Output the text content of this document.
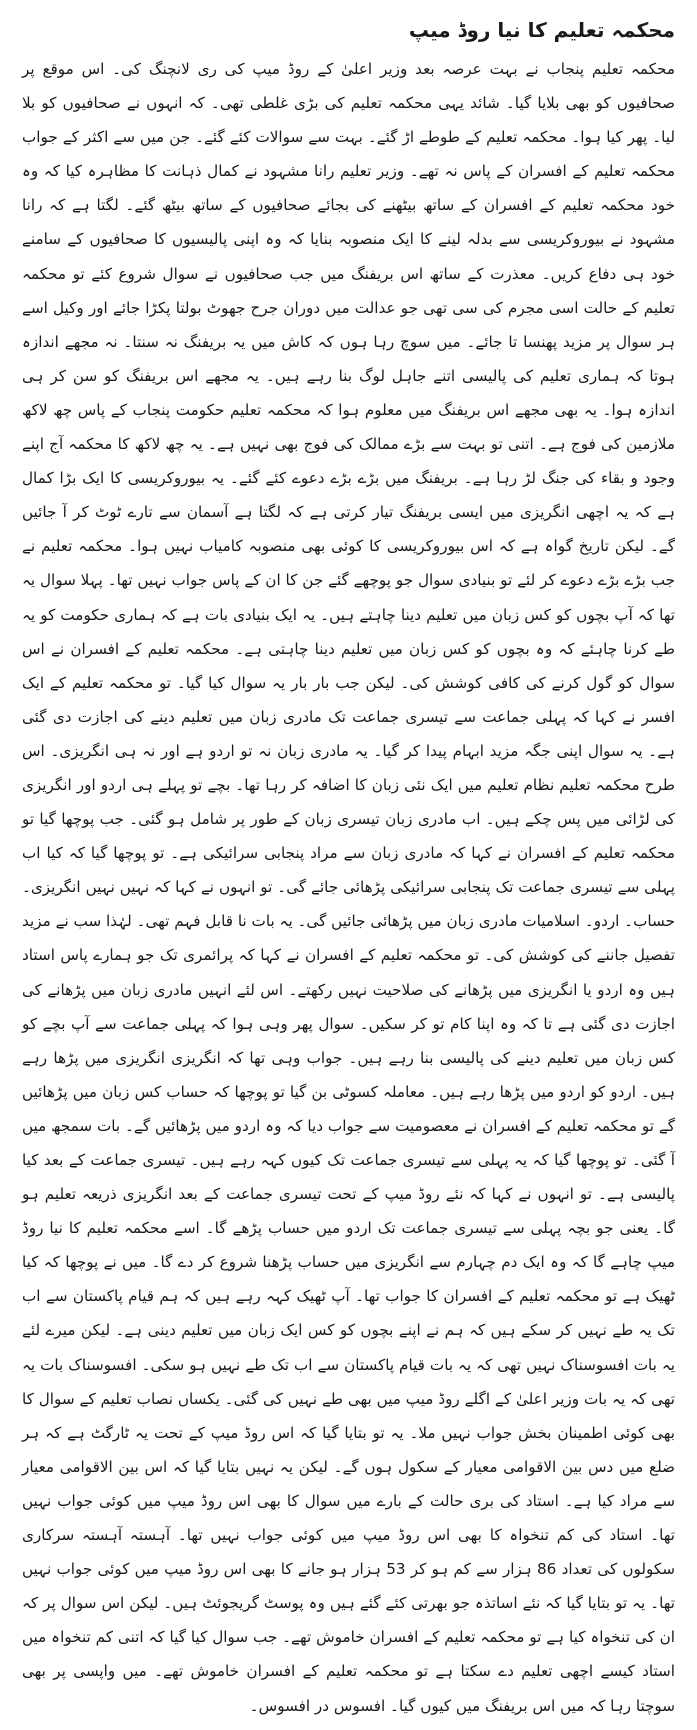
محکمہ تعلیم کا نیا روڈ میپ

محکمہ تعلیم پنجاب نے بہت عرصہ بعد وزیر اعلیٰ کے روڈ میپ کی ری لانچنگ کی۔ اس موقع پر صحافیوں کو بھی بلایا گیا۔ شائد یہی محکمہ تعلیم کی بڑی غلطی تھی۔ کہ انہوں نے صحافیوں کو بلا لیا۔ پھر کیا ہوا۔ محکمہ تعلیم کے طوطے اڑ گئے۔ بہت سے سوالات کئے گئے۔ جن میں سے اکثر کے جواب محکمہ تعلیم کے افسران کے پاس نہ تھے۔ وزیر تعلیم رانا مشہود نے کمال ذہانت کا مظاہرہ کیا کہ وہ خود محکمہ تعلیم کے افسران کے ساتھ بیٹھنے کی بجائے صحافیوں کے ساتھ بیٹھ گئے۔ لگتا ہے کہ رانا مشہود نے بیوروکریسی سے بدلہ لینے کا ایک منصوبہ بنایا کہ وہ اپنی پالیسیوں کا صحافیوں کے سامنے خود ہی دفاع کریں۔ معذرت کے ساتھ اس بریفنگ میں جب صحافیوں نے سوال شروع کئے تو محکمہ تعلیم کے حالت اسی مجرم کی سی تھی جو عدالت میں دوران جرح جھوٹ بولتا پکڑا جائے اور وکیل اسے ہر سوال پر مزید پھنسا تا جائے۔ میں سوچ رہا ہوں کہ کاش میں یہ بریفنگ نہ سنتا۔ نہ مجھے اندازہ ہوتا کہ ہماری تعلیم کی پالیسی اتنے جاہل لوگ بنا رہے ہیں۔ یہ مجھے اس بریفنگ کو سن کر ہی اندازہ ہوا۔ یہ بھی مجھے اس بریفنگ میں معلوم ہوا کہ محکمہ تعلیم حکومت پنجاب کے پاس چھ لاکھ ملازمین کی فوج ہے۔ اتنی تو بہت سے بڑے ممالک کی فوج بھی نہیں ہے۔ یہ چھ لاکھ کا محکمہ آج اپنے وجود و بقاء کی جنگ لڑ رہا ہے۔ بریفنگ میں بڑے بڑے دعوے کئے گئے۔ یہ بیوروکریسی کا ایک بڑا کمال ہے کہ یہ اچھی انگریزی میں ایسی بریفنگ تیار کرتی ہے کہ لگتا ہے آسمان سے تارے ٹوٹ کر آ جائیں گے۔ لیکن تاریخ گواہ ہے کہ اس بیوروکریسی کا کوئی بھی منصوبہ کامیاب نہیں ہوا۔ محکمہ تعلیم نے جب بڑے بڑے دعوے کر لئے تو بنیادی سوال جو پوچھے گئے جن کا ان کے پاس جواب نہیں تھا۔ پہلا سوال یہ تھا کہ آپ بچوں کو کس زبان میں تعلیم دینا چاہتے ہیں۔ یہ ایک بنیادی بات ہے کہ ہماری حکومت کو یہ طے کرنا چاہئے کہ وہ بچوں کو کس زبان میں تعلیم دینا چاہتی ہے۔ محکمہ تعلیم کے افسران نے اس سوال کو گول کرنے کی کافی کوشش کی۔ لیکن جب بار بار یہ سوال کیا گیا۔ تو محکمہ تعلیم کے ایک افسر نے کہا کہ پہلی جماعت سے تیسری جماعت تک مادری زبان میں تعلیم دینے کی اجازت دی گئی ہے۔ یہ سوال اپنی جگہ مزید ابہام پیدا کر گیا۔ یہ مادری زبان نہ تو اردو ہے اور نہ ہی انگریزی۔ اس طرح محکمہ تعلیم نظام تعلیم میں ایک نئی زبان کا اضافہ کر رہا تھا۔ بچے تو پہلے ہی اردو اور انگریزی کی لڑائی میں پس چکے ہیں۔ اب مادری زبان تیسری زبان کے طور پر شامل ہو گئی۔ جب پوچھا گیا تو محکمہ تعلیم کے افسران نے کہا کہ مادری زبان سے مراد پنجابی سرائیکی ہے۔ تو پوچھا گیا کہ کیا اب پہلی سے تیسری جماعت تک پنجابی سرائیکی پڑھائی جائے گی۔ تو انہوں نے کہا کہ نہیں نہیں انگریزی۔ حساب۔ اردو۔ اسلامیات مادری زبان میں پڑھائی جائیں گی۔ یہ بات نا قابل فہم تھی۔ لہٰذا سب نے مزید تفصیل جاننے کی کوشش کی۔ تو محکمہ تعلیم کے افسران نے کہا کہ پرائمری تک جو ہمارے پاس استاد ہیں وہ اردو یا انگریزی میں پڑھانے کی صلاحیت نہیں رکھتے۔ اس لئے انہیں مادری زبان میں پڑھانے کی اجازت دی گئی ہے تا کہ وہ اپنا کام تو کر سکیں۔ سوال پھر وہی ہوا کہ پہلی جماعت سے آپ بچے کو کس زبان میں تعلیم دینے کی پالیسی بنا رہے ہیں۔ جواب وہی تھا کہ انگریزی انگریزی میں پڑھا رہے ہیں۔ اردو کو اردو میں پڑھا رہے ہیں۔ معاملہ کسوٹی بن گیا تو پوچھا کہ حساب کس زبان میں پڑھائیں گے تو محکمہ تعلیم کے افسران نے معصومیت سے جواب دیا کہ وہ اردو میں پڑھائیں گے۔ بات سمجھ میں آ گئی۔ تو پوچھا گیا کہ یہ پہلی سے تیسری جماعت تک کیوں کہہ رہے ہیں۔ تیسری جماعت کے بعد کیا پالیسی ہے۔ تو انہوں نے کہا کہ نئے روڈ میپ کے تحت تیسری جماعت کے بعد انگریزی ذریعہ تعلیم ہو گا۔ یعنی جو بچہ پہلی سے تیسری جماعت تک اردو میں حساب پڑھے گا۔ اسے محکمہ تعلیم کا نیا روڈ میپ چاہے گا کہ وہ ایک دم چہارم سے انگریزی میں حساب پڑھنا شروع کر دے گا۔ میں نے پوچھا کہ کیا ٹھیک ہے تو محکمہ تعلیم کے افسران کا جواب تھا۔ آپ ٹھیک کہہ رہے ہیں کہ ہم قیام پاکستان سے اب تک یہ طے نہیں کر سکے ہیں کہ ہم نے اپنے بچوں کو کس ایک زبان میں تعلیم دینی ہے۔ لیکن میرے لئے یہ بات افسوسناک نہیں تھی کہ یہ بات قیام پاکستان سے اب تک طے نہیں ہو سکی۔ افسوسناک بات یہ تھی کہ یہ بات وزیر اعلیٰ کے اگلے روڈ میپ میں بھی طے نہیں کی گئی۔ یکساں نصاب تعلیم کے سوال کا بھی کوئی اطمینان بخش جواب نہیں ملا۔ یہ تو بتایا گیا کہ اس روڈ میپ کے تحت یہ ٹارگٹ ہے کہ ہر ضلع میں دس بین الاقوامی معیار کے سکول ہوں گے۔ لیکن یہ نہیں بتایا گیا کہ اس بین الاقوامی معیار سے مراد کیا ہے۔ استاد کی بری حالت کے بارے میں سوال کا بھی اس روڈ میپ میں کوئی جواب نہیں تھا۔ استاد کی کم تنخواہ کا بھی اس روڈ میپ میں کوئی جواب نہیں تھا۔ آہستہ آہستہ سرکاری سکولوں کی تعداد 86 ہزار سے کم ہو کر 53 ہزار ہو جانے کا بھی اس روڈ میپ میں کوئی جواب نہیں تھا۔ یہ تو بتایا گیا کہ نئے اساتذہ جو بھرتی کئے گئے ہیں وہ پوسٹ گریجوئٹ ہیں۔ لیکن اس سوال پر کہ ان کی تنخواہ کیا ہے تو محکمہ تعلیم کے افسران خاموش تھے۔ جب سوال کیا گیا کہ اتنی کم تنخواہ میں استاد کیسے اچھی تعلیم دے سکتا ہے تو محکمہ تعلیم کے افسران خاموش تھے۔ میں واپسی پر بھی سوچتا رہا کہ میں اس بریفنگ میں کیوں گیا۔ افسوس در افسوس۔
